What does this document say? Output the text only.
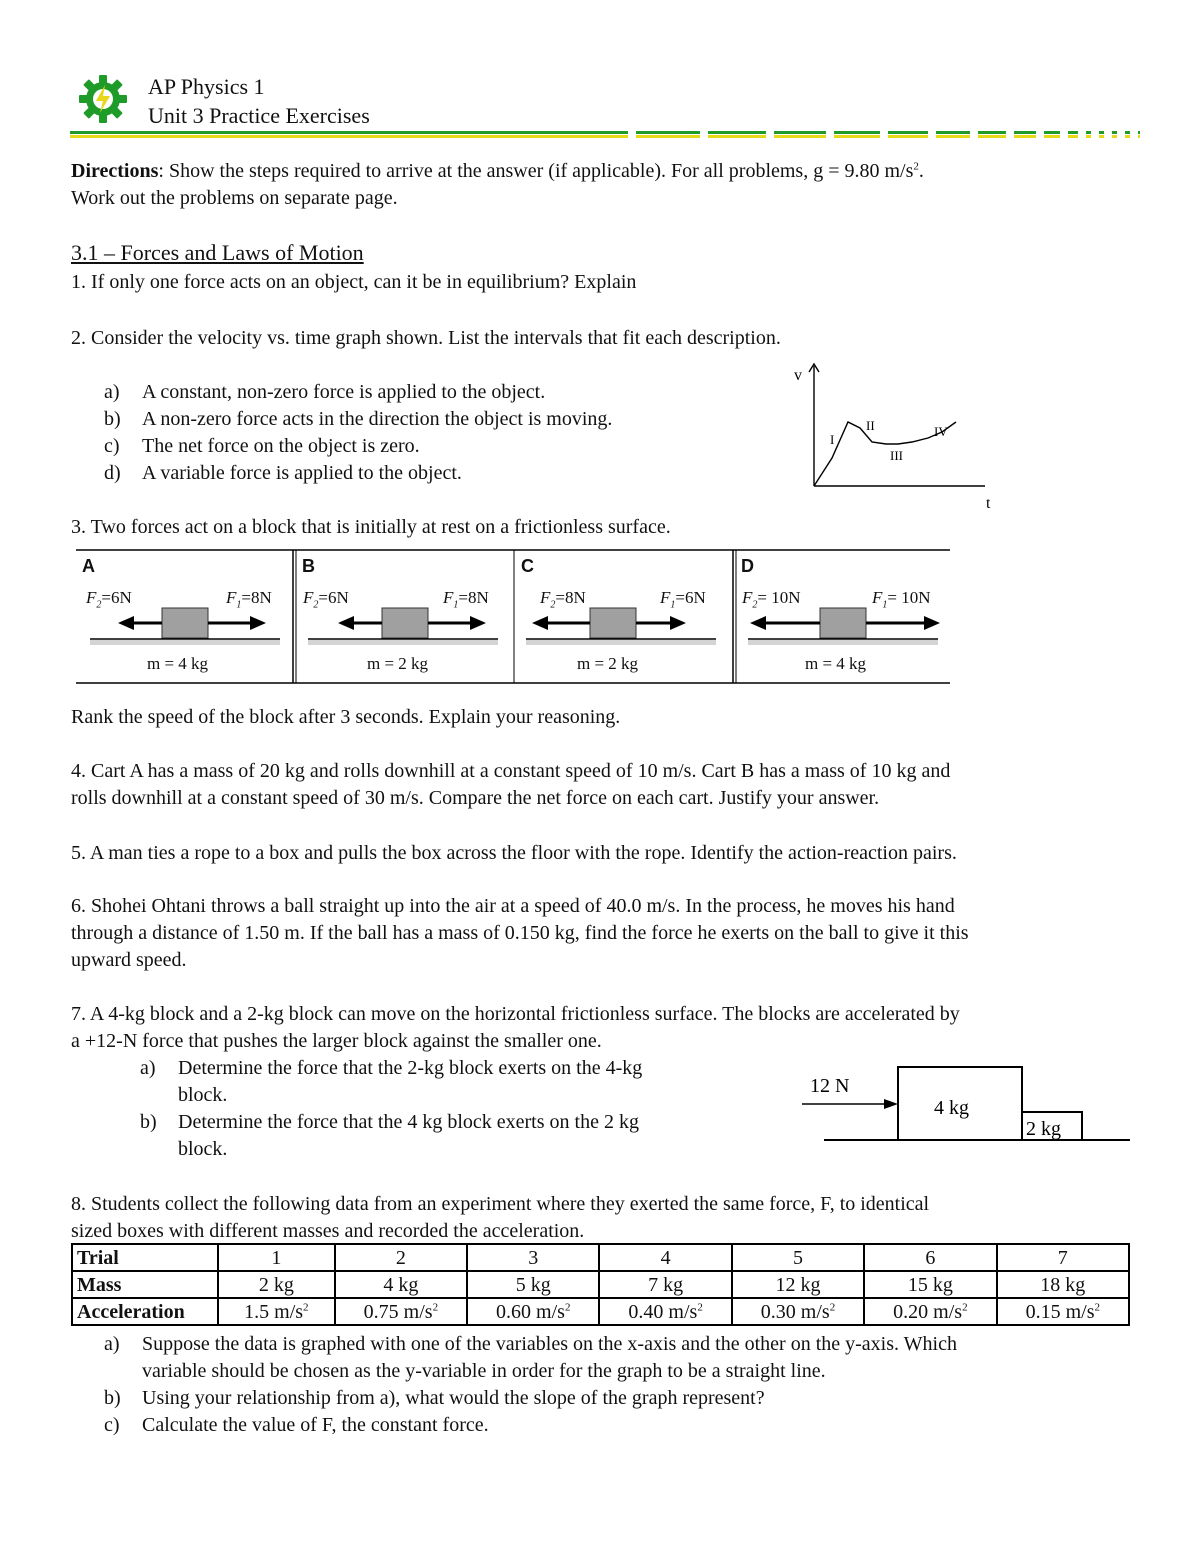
AP Physics 1
Unit 3 Practice Exercises
Directions: Show the steps required to arrive at the answer (if applicable). For all problems, g = 9.80 $m/s^2$.
Work out the problems on separate page.
3.1 – Forces and Laws of Motion
1. If only one force acts on an object, can it be in equilibrium? Explain
2. Consider the velocity vs. time graph shown. List the intervals that fit each description.
a) A constant, non-zero force is applied to the object.
b) A non-zero force acts in the direction the object is moving.
c) The net force on the object is zero.
d) A variable force is applied to the object.
v
t
I
II
III
IV
3. Two forces act on a block that is initially at rest on a frictionless surface.
A
$F_2=6N$	$F_1=8N$
m = 4 kg
B
$F_2=6N$	$F_1=8N$
m = 2 kg
C
$F_2=8N$	$F_1=6N$
m = 2 kg
D
$F_2= 10N$	$F_1= 10N$
m = 4 kg
Rank the speed of the block after 3 seconds. Explain your reasoning.
4. Cart A has a mass of 20 kg and rolls downhill at a constant speed of 10 m/s. Cart B has a mass of 10 kg and
rolls downhill at a constant speed of 30 m/s. Compare the net force on each cart. Justify your answer.
5. A man ties a rope to a box and pulls the box across the floor with the rope. Identify the action-reaction pairs.
6. Shohei Ohtani throws a ball straight up into the air at a speed of 40.0 m/s. In the process, he moves his hand
through a distance of 1.50 m. If the ball has a mass of 0.150 kg, find the force he exerts on the ball to give it this
upward speed.
7. A 4-kg block and a 2-kg block can move on the horizontal frictionless surface. The blocks are accelerated by
a +12-N force that pushes the larger block against the smaller one.
a) Determine the force that the 2-kg block exerts on the 4-kg
block.
b) Determine the force that the 4 kg block exerts on the 2 kg
block.
12 N
4 kg
2 kg
8. Students collect the following data from an experiment where they exerted the same force, F, to identical
sized boxes with different masses and recorded the acceleration.
Trial	1	2	3	4	5	6	7
Mass	2 kg	4 kg	5 kg	7 kg	12 kg	15 kg	18 kg
Acceleration	1.5 $m/s^2$	0.75 $m/s^2$	0.60 $m/s^2$	0.40 $m/s^2$	0.30 $m/s^2$	0.20 $m/s^2$	0.15 $m/s^2$
a) Suppose the data is graphed with one of the variables on the x-axis and the other on the y-axis. Which
variable should be chosen as the y-variable in order for the graph to be a straight line.
b) Using your relationship from a), what would the slope of the graph represent?
c) Calculate the value of F, the constant force.
